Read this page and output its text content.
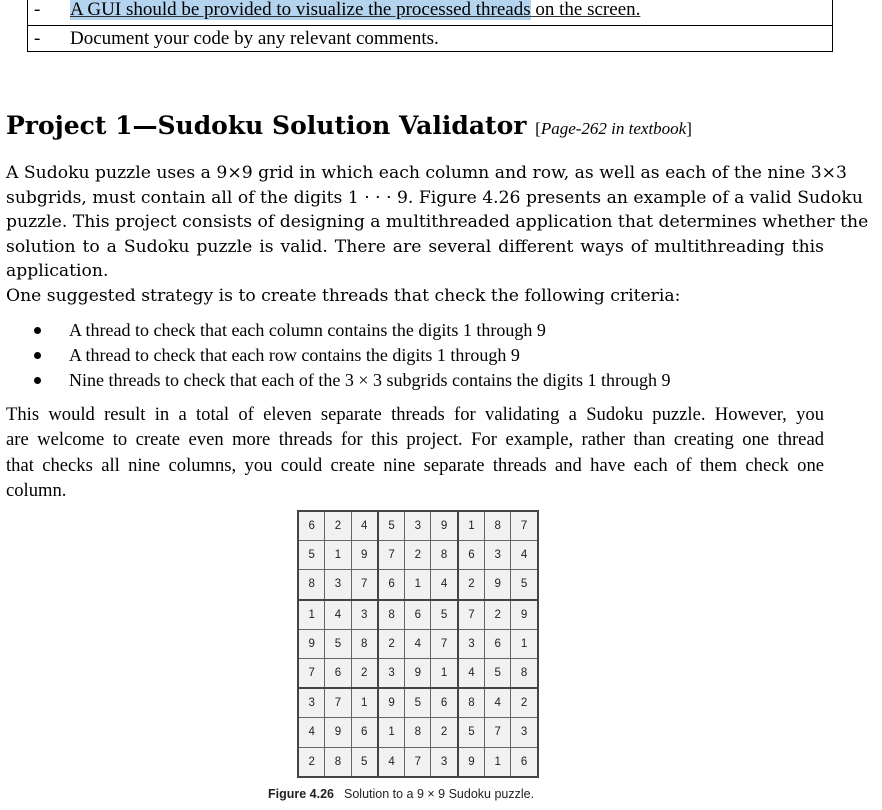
- A GUI should be provided to visualize the processed threads on the screen.
- Document your code by any relevant comments.
Project 1—Sudoku Solution Validator [Page-262 in textbook]

A Sudoku puzzle uses a 9×9 grid in which each column and row, as well as each of the nine 3×3
subgrids, must contain all of the digits 1 · · · 9. Figure 4.26 presents an example of a valid Sudoku
puzzle. This project consists of designing a multithreaded application that determines whether the
solution to a Sudoku puzzle is valid. There are several different ways of multithreading this
application.

One suggested strategy is to create threads that check the following criteria:

A thread to check that each column contains the digits 1 through 9
A thread to check that each row contains the digits 1 through 9
Nine threads to check that each of the 3 × 3 subgrids contains the digits 1 through 9

This would result in a total of eleven separate threads for validating a Sudoku puzzle. However, you
are welcome to create even more threads for this project. For example, rather than creating one thread
that checks all nine columns, you could create nine separate threads and have each of them check one
column.

6	2	4	5	3	9	1	8	7
5	1	9	7	2	8	6	3	4
8	3	7	6	1	4	2	9	5
1	4	3	8	6	5	7	2	9
9	5	8	2	4	7	3	6	1
7	6	2	3	9	1	4	5	8
3	7	1	9	5	6	8	4	2
4	9	6	1	8	2	5	7	3
2	8	5	4	7	3	9	1	6
Figure 4.26 Solution to a 9 × 9 Sudoku puzzle.
